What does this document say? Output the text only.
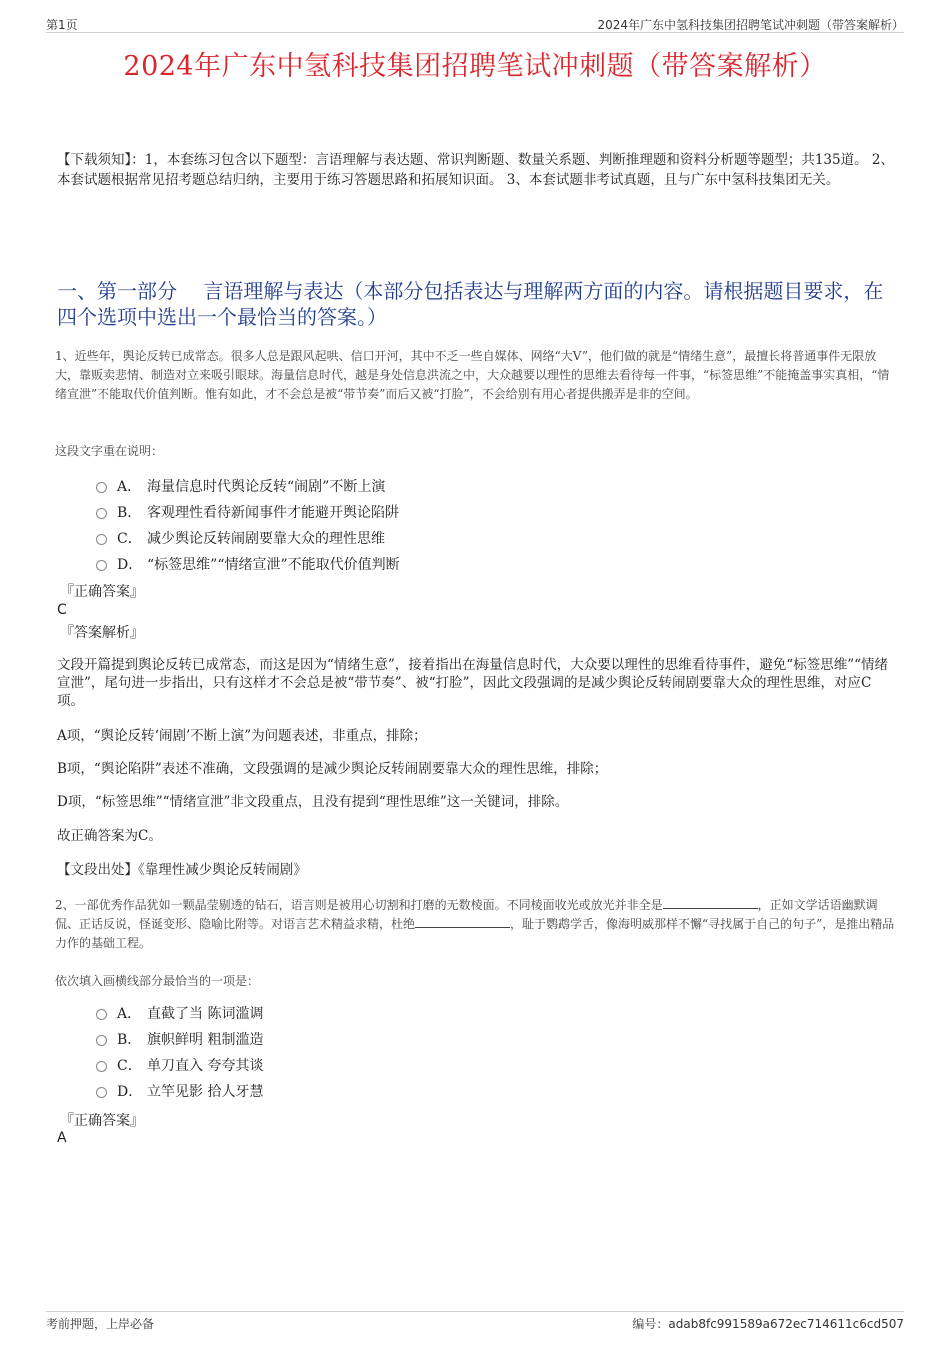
第1页	2024年广东中氢科技集团招聘笔试冲刺题（带答案解析）
2024年广东中氢科技集团招聘笔试冲刺题（带答案解析）
【下载须知】：1，本套练习包含以下题型：言语理解与表达题、常识判断题、数量关系题、判断推理题和资料分析题等题型；共135道。 2、本套试题根据常见招考题总结归纳，主要用于练习答题思路和拓展知识面。 3、本套试题非考试真题，且与广东中氢科技集团无关。
一、第一部分　 言语理解与表达（本部分包括表达与理解两方面的内容。请根据题目要求，在四个选项中选出一个最恰当的答案。）
1、近些年，舆论反转已成常态。很多人总是跟风起哄、信口开河，其中不乏一些自媒体、网络“大V”，他们做的就是“情绪生意”，最擅长将普通事件无限放大，靠贩卖悲情、制造对立来吸引眼球。海量信息时代，越是身处信息洪流之中，大众越要以理性的思维去看待每一件事，“标签思维”不能掩盖事实真相，“情绪宣泄”不能取代价值判断。惟有如此，才不会总是被“带节奏”而后又被“打脸”，不会给别有用心者提供搬弄是非的空间。
这段文字重在说明：
A． 海量信息时代舆论反转“闹剧”不断上演
B． 客观理性看待新闻事件才能避开舆论陷阱
C． 减少舆论反转闹剧要靠大众的理性思维
D． “标签思维”“情绪宣泄”不能取代价值判断
『正确答案』
C
『答案解析』
文段开篇提到舆论反转已成常态，而这是因为“情绪生意”，接着指出在海量信息时代，大众要以理性的思维看待事件，避免“标签思维”“情绪宣泄”，尾句进一步指出，只有这样才不会总是被“带节奏”、被“打脸”，因此文段强调的是减少舆论反转闹剧要靠大众的理性思维，对应C项。
A项，“舆论反转‘闹剧’不断上演”为问题表述，非重点，排除；
B项，“舆论陷阱”表述不准确，文段强调的是减少舆论反转闹剧要靠大众的理性思维，排除；
D项，“标签思维”“情绪宣泄”非文段重点，且没有提到“理性思维”这一关键词，排除。
故正确答案为C。
【文段出处】《靠理性减少舆论反转闹剧》
2、一部优秀作品犹如一颗晶莹剔透的钻石，语言则是被用心切割和打磨的无数棱面。不同棱面收光或放光并非全是	，正如文学话语幽默调侃、正话反说，怪诞变形、隐喻比附等。对语言艺术精益求精，杜绝	，耻于鹦鹉学舌，像海明威那样不懈“寻找属于自己的句子”，是推出精品力作的基础工程。
依次填入画横线部分最恰当的一项是：
A． 直截了当 陈词滥调
B． 旗帜鲜明 粗制滥造
C． 单刀直入 夸夸其谈
D． 立竿见影 拾人牙慧
『正确答案』
A
考前押题，上岸必备	编号：adab8fc991589a672ec714611c6cd507
